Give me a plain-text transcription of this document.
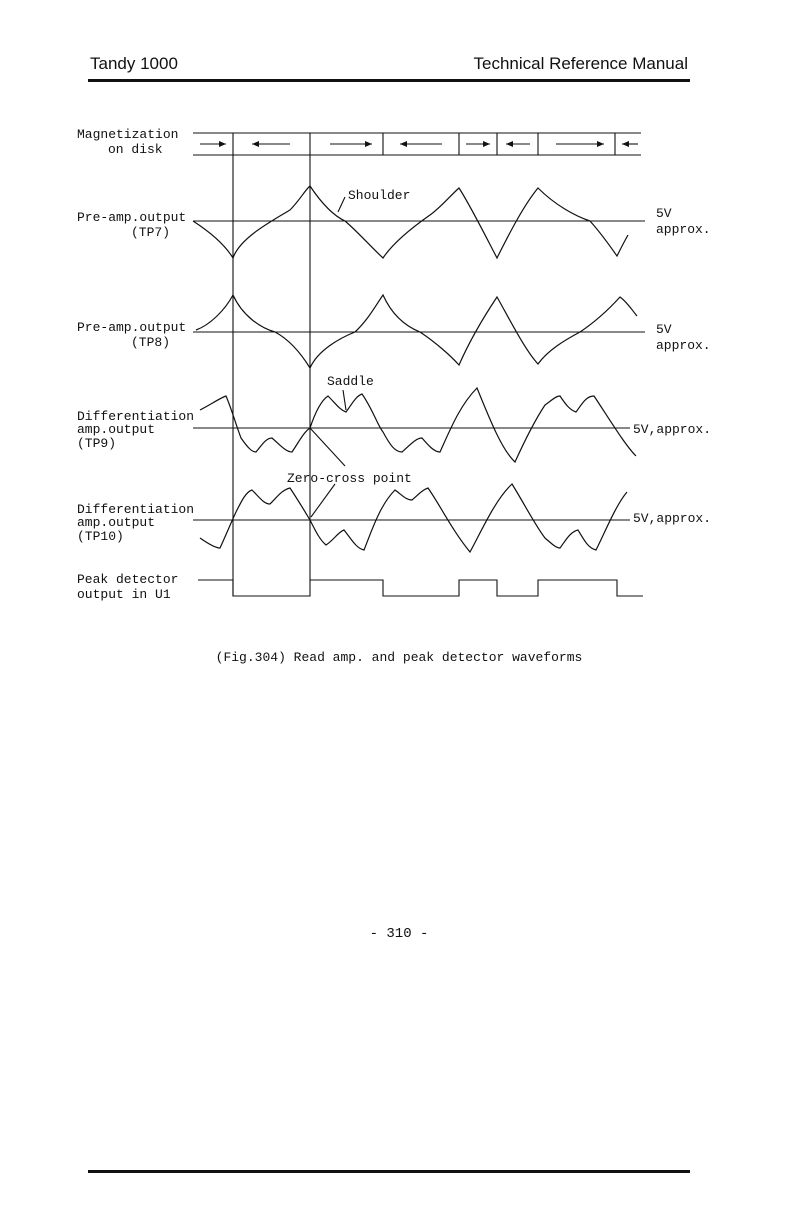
Tandy 1000	Technical Reference Manual
Magnetization
on disk
Pre-amp.output
(TP7)
Pre-amp.output
(TP8)
Differentiation
amp.output
(TP9)
Differentiation
amp.output
(TP10)
Peak detector
output in U1
Shoulder
5V
approx.
5V
approx.
Saddle
5V,approx.
Zero-cross point
5V,approx.
(Fig.304) Read amp. and peak detector waveforms
- 310 -
